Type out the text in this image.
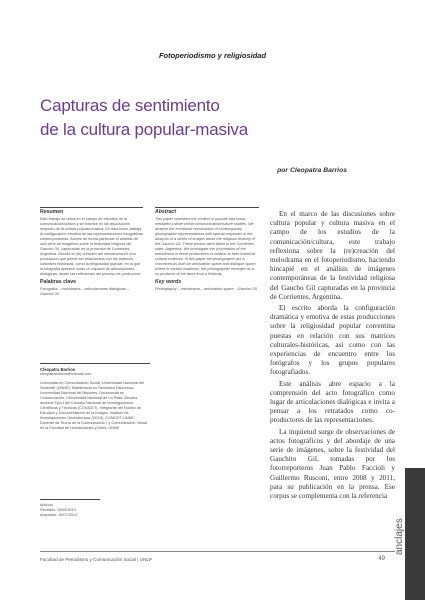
Fotoperiodismo y religiosidad
Capturas de sentimiento
de la cultura popular-masiva
por Cleopatra Barrios
Resumen
Este trabajo se ubica en el campo de estudios de la comunicación/cultura y se inscribe en las discusiones respecto de la cultura popular-masiva. En esta línea, trabaja la configuración emotiva de las representaciones fotográficas contemporáneas. Asume de forma particular el análisis de una serie de imágenes sobre la festividad religiosa del Gaucho Gil, capturadas en la provincia de Corrientes, Argentina. Aborda la (re) creación del melodrama en una producción que puede ser relacionada con las matrices culturales históricas, como la religiosidad popular, en la que la fotografía aparece como un espacio de articulaciones dialógicas, desde las reflexiones del proceso de producción.
Palabras clave
Fotografía – melodrama – articulaciones dialógicas – Gaucho Gil
Abstract
This paper considers the context of popular and mass-mediated culture within communication/culture studies. We analyse the emotional construction of contemporary photographic representations with special emphasis in the analysis of a series of images about the religious festivity of the Gaucho Gil. These photos were taken in the Corrientes state, Argentina. We investigate the (re)creation of the melodrama in these productions in relation to their historical cultural matrices. In this paper the photographic act is conceived as both an articulation space and dialogue space, where in certain instances, the photographer emerges as a co-producer of the fame from a fiestivity.
Key words
Photography – melodrama – articulation space – Gaucho Gil

En el marco de las discusiones sobre cultura popular y cultura masiva en el campo de los estudios de la comunicación/cultura, este trabajo reflexiona sobre la (re)creación del melodrama en el fotoperiodismo, haciendo hincapié en el análisis de imágenes contemporáneas de la festividad religiosa del Gaucho Gil capturadas en la provincia de Corrientes, Argentina.

El escrito aborda la configuración dramática y emotiva de estas producciones sobre la religiosidad popular correntina puestas en relación con sus matrices culturales-históricas, así como con las experiencias de encuentro entre los fotógrafos y los grupos populares fotografiados.

Este análisis abre espacio a la comprensión del acto fotográfico como lugar de articulaciones dialógicas e invita a pensar a los retratados como co-productores de las representaciones.

La inquietud surge de observaciones de actos fotográficos y del abordaje de una serie de imágenes, sobre la festividad del Gauchito Gil, tomadas por los fotorreporteros Juan Pablo Faccioli y Guillermo Rusconi, entre 2008 y 2011, para su publicación en la prensa. Ese corpus se complementa con la referencia

Cleopatra Barrios
cleopatrabarrios@hotmail.com
Licenciada en Comunicación Social, Universidad Nacional del Nordeste (UNNE). Maestranda en Semiótica Discursiva, Universidad Nacional de Misiones. Doctoranda en Comunicación, Universidad Nacional de La Plata. Becaria doctoral Tipo I del Consejo Nacional de Investigaciones Científicas y Técnicas (CONICET). Integrante del Núcleo de Estudios y Documentación de la Imagen, Instituto de Investigaciones Geohistóricas (IIGHI), CONICET-UNNE. Docente de Teoría de la Comunicación I y Comunicación Visual en la Facultad de Humanidades y Artes, UNNE.
Artículo
Recibido: 15/05/2013
Aceptado: 15/07/2013
Facultad de Periodismo y Comunicación Social | UNLP	49
anclajes
